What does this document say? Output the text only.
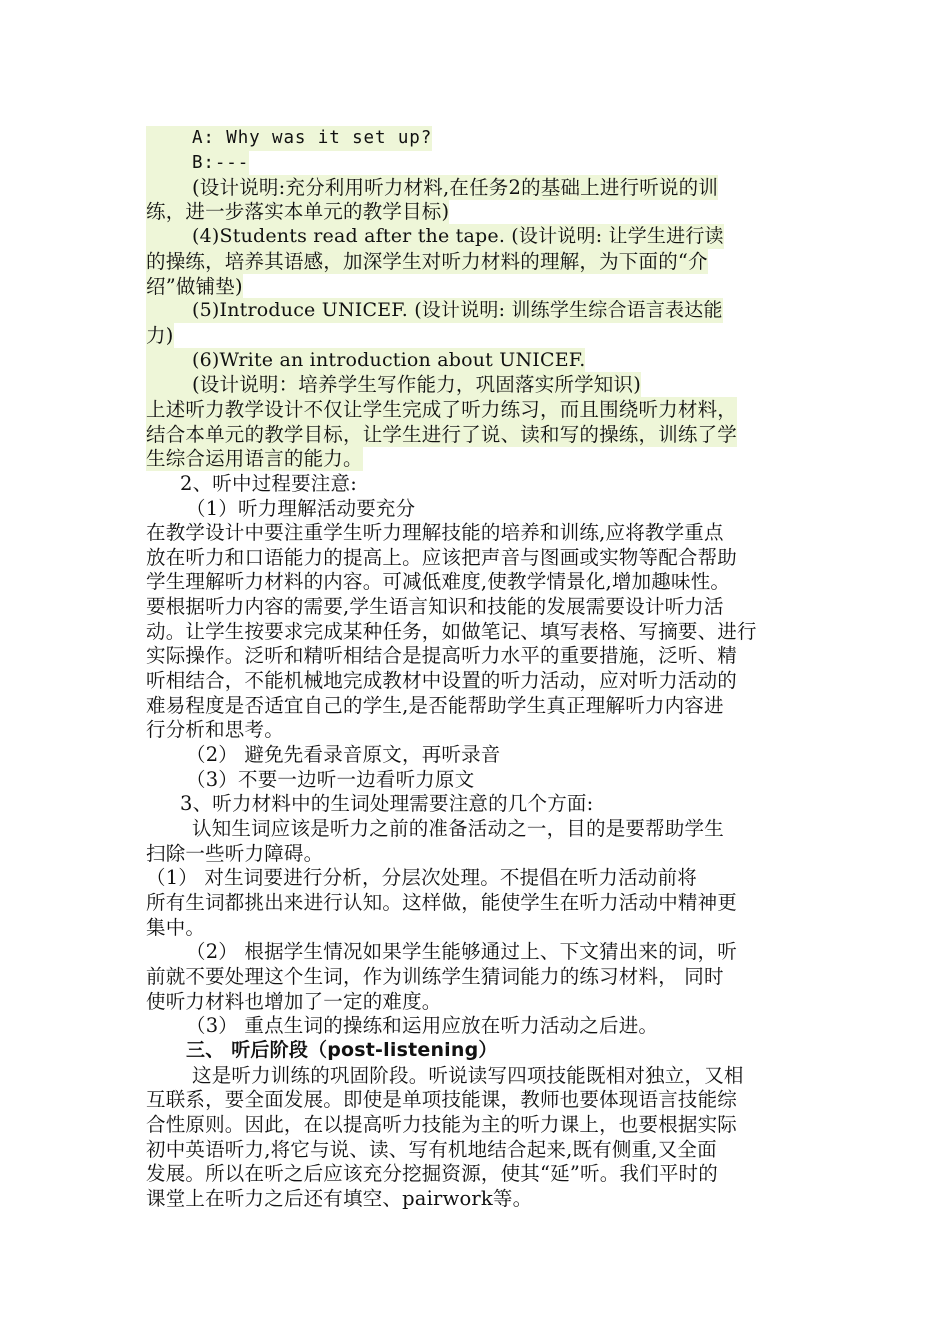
A: Why was it set up?
B:---
(设计说明:充分利用听力材料,在任务2的基础上进行听说的训
练，进一步落实本单元的教学目标)
(4)Students read after the tape. (设计说明: 让学生进行读
的操练，培养其语感，加深学生对听力材料的理解，为下面的“介
绍”做铺垫)
(5)Introduce UNICEF. (设计说明: 训练学生综合语言表达能
力)
(6)Write an introduction about UNICEF.
(设计说明：培养学生写作能力，巩固落实所学知识)
上述听力教学设计不仅让学生完成了听力练习，而且围绕听力材料，
结合本单元的教学目标，让学生进行了说、读和写的操练，训练了学
生综合运用语言的能力。
2、听中过程要注意:
（1）听力理解活动要充分
在教学设计中要注重学生听力理解技能的培养和训练,应将教学重点
放在听力和口语能力的提高上。应该把声音与图画或实物等配合帮助
学生理解听力材料的内容。可减低难度,使教学情景化,增加趣味性。
要根据听力内容的需要,学生语言知识和技能的发展需要设计听力活
动。让学生按要求完成某种任务，如做笔记、填写表格、写摘要、进行
实际操作。泛听和精听相结合是提高听力水平的重要措施，泛听、精
听相结合，不能机械地完成教材中设置的听力活动，应对听力活动的
难易程度是否适宜自己的学生,是否能帮助学生真正理解听力内容进
行分析和思考。
（2） 避免先看录音原文，再听录音
（3）不要一边听一边看听力原文
3、听力材料中的生词处理需要注意的几个方面:
认知生词应该是听力之前的准备活动之一，目的是要帮助学生
扫除一些听力障碍。
（1） 对生词要进行分析，分层次处理。不提倡在听力活动前将
所有生词都挑出来进行认知。这样做，能使学生在听力活动中精神更
集中。
（2） 根据学生情况如果学生能够通过上、下文猜出来的词，听
前就不要处理这个生词，作为训练学生猜词能力的练习材料， 同时
使听力材料也增加了一定的难度。
（3） 重点生词的操练和运用应放在听力活动之后进。
三、 听后阶段（post-listening）
这是听力训练的巩固阶段。听说读写四项技能既相对独立，又相
互联系，要全面发展。即使是单项技能课，教师也要体现语言技能综
合性原则。因此，在以提高听力技能为主的听力课上，也要根据实际
初中英语听力,将它与说、读、写有机地结合起来,既有侧重,又全面
发展。所以在听之后应该充分挖掘资源，使其“延”听。我们平时的
课堂上在听力之后还有填空、pairwork等。
